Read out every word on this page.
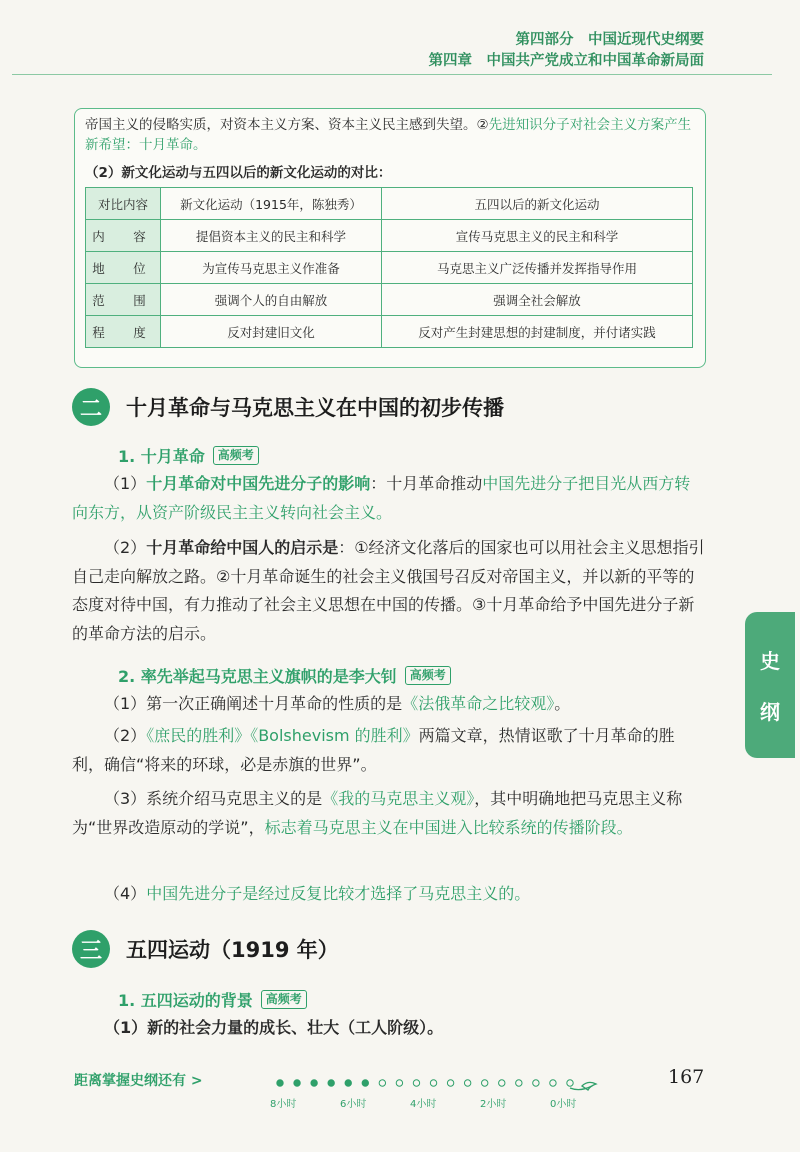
第四部分　中国近现代史纲要
第四章　中国共产党成立和中国革命新局面
帝国主义的侵略实质，对资本主义方案、资本主义民主感到失望。②先进知识分子对社会主义方案产生新希望：十月革命。
（2）新文化运动与五四以后的新文化运动的对比：
对比内容	新文化运动（1915年，陈独秀）	五四以后的新文化运动
内　容	提倡资本主义的民主和科学	宣传马克思主义的民主和科学
地　位	为宣传马克思主义作准备	马克思主义广泛传播并发挥指导作用
范　围	强调个人的自由解放	强调全社会解放
程　度	反对封建旧文化	反对产生封建思想的封建制度，并付诸实践
二	十月革命与马克思主义在中国的初步传播
1. 十月革命	高频考
（1）十月革命对中国先进分子的影响：十月革命推动中国先进分子把目光从西方转向东方，从资产阶级民主主义转向社会主义。
（2）十月革命给中国人的启示是：①经济文化落后的国家也可以用社会主义思想指引自己走向解放之路。②十月革命诞生的社会主义俄国号召反对帝国主义，并以新的平等的态度对待中国，有力推动了社会主义思想在中国的传播。③十月革命给予中国先进分子新的革命方法的启示。
2. 率先举起马克思主义旗帜的是李大钊	高频考
（1）第一次正确阐述十月革命的性质的是《法俄革命之比较观》。
（2）《庶民的胜利》《Bolshevism 的胜利》两篇文章，热情讴歌了十月革命的胜利，确信“将来的环球，必是赤旗的世界”。
（3）系统介绍马克思主义的是《我的马克思主义观》，其中明确地把马克思主义称为“世界改造原动的学说”，标志着马克思主义在中国进入比较系统的传播阶段。
（4）中国先进分子是经过反复比较才选择了马克思主义的。
三	五四运动（1919 年）
1. 五四运动的背景	高频考
（1）新的社会力量的成长、壮大（工人阶级）。
史
纲
距离掌握史纲还有 >
8小时	6小时	4小时	2小时	0小时
167
